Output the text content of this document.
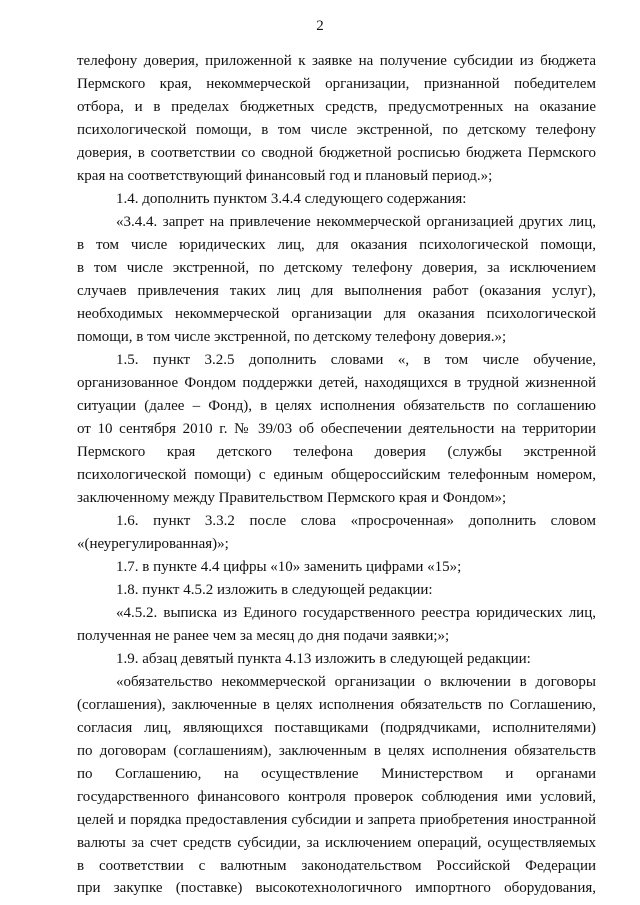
2
телефону доверия, приложенной к заявке на получение субсидии из бюджета
Пермского края, некоммерческой организации, признанной победителем
отбора, и в пределах бюджетных средств, предусмотренных на оказание
психологической помощи, в том числе экстренной, по детскому телефону
доверия, в соответствии со сводной бюджетной росписью бюджета Пермского
края на соответствующий финансовый год и плановый период.»;
1.4. дополнить пунктом 3.4.4 следующего содержания:
«3.4.4. запрет на привлечение некоммерческой организацией других лиц,
в том числе юридических лиц, для оказания психологической помощи,
в том числе экстренной, по детскому телефону доверия, за исключением
случаев привлечения таких лиц для выполнения работ (оказания услуг),
необходимых некоммерческой организации для оказания психологической
помощи, в том числе экстренной, по детскому телефону доверия.»;
1.5. пункт 3.2.5 дополнить словами «, в том числе обучение,
организованное Фондом поддержки детей, находящихся в трудной жизненной
ситуации (далее – Фонд), в целях исполнения обязательств по соглашению
от 10 сентября 2010 г. № 39/03 об обеспечении деятельности на территории
Пермского края детского телефона доверия (службы экстренной
психологической помощи) с единым общероссийским телефонным номером,
заключенному между Правительством Пермского края и Фондом»;
1.6. пункт 3.3.2 после слова «просроченная» дополнить словом
«(неурегулированная)»;
1.7. в пункте 4.4 цифры «10» заменить цифрами «15»;
1.8. пункт 4.5.2 изложить в следующей редакции:
«4.5.2. выписка из Единого государственного реестра юридических лиц,
полученная не ранее чем за месяц до дня подачи заявки;»;
1.9. абзац девятый пункта 4.13 изложить в следующей редакции:
«обязательство некоммерческой организации о включении в договоры
(соглашения), заключенные в целях исполнения обязательств по Соглашению,
согласия лиц, являющихся поставщиками (подрядчиками, исполнителями)
по договорам (соглашениям), заключенным в целях исполнения обязательств
по Соглашению, на осуществление Министерством и органами
государственного финансового контроля проверок соблюдения ими условий,
целей и порядка предоставления субсидии и запрета приобретения иностранной
валюты за счет средств субсидии, за исключением операций, осуществляемых
в соответствии с валютным законодательством Российской Федерации
при закупке (поставке) высокотехнологичного импортного оборудования,
